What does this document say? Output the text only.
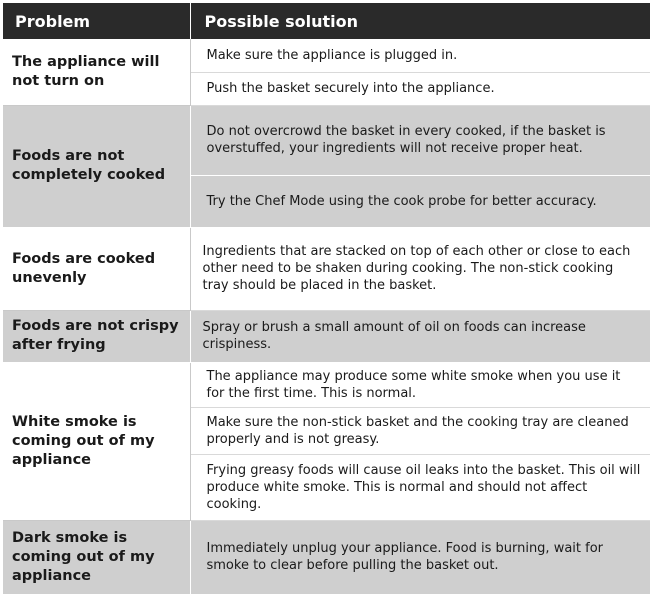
Problem	Possible solution
The appliance will not turn on	Make sure the appliance is plugged in.
	Push the basket securely into the appliance.
Foods are not completely cooked	Do not overcrowd the basket in every cooked, if the basket is overstuffed, your ingredients will not receive proper heat.
	Try the Chef Mode using the cook probe for better accuracy.
Foods are cooked unevenly	Ingredients that are stacked on top of each other or close to each other need to be shaken during cooking. The non-stick cooking tray should be placed in the basket.
Foods are not crispy after frying	Spray or brush a small amount of oil on foods can increase crispiness.
White smoke is coming out of my appliance	The appliance may produce some white smoke when you use it for the first time. This is normal.
	Make sure the non-stick basket and the cooking tray are cleaned properly and is not greasy.
	Frying greasy foods will cause oil leaks into the basket. This oil will produce white smoke. This is normal and should not affect cooking.
Dark smoke is coming out of my appliance	Immediately unplug your appliance. Food is burning, wait for smoke to clear before pulling the basket out.
